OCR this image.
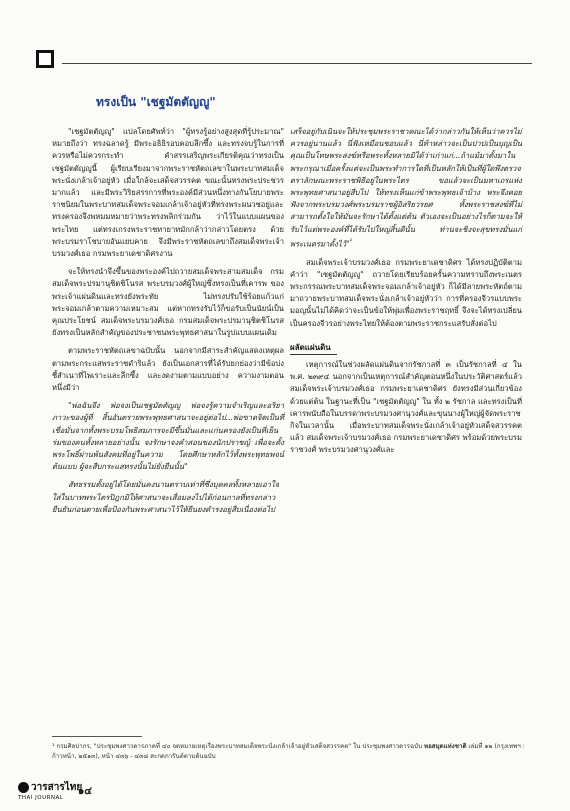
ทรงเป็น "เชฐมัตตัญญู"

"เชฐมัตตัญญู" แปลโดยศัพท์ว่า "ผู้ทรงรู้อย่างสูงสุดที่รู้ประมาณ" หมายถึงว่า ทรงฉลาดรู้ มีพระอธิธิรอบคอบลึกซึ้ง และทรงจบรู้ในการที่ควรหรือไม่ควรกระทำ คำสรรเสริญพระเกียรติคุณว่าทรงเป็นเชฐมัตตัญญูนี้ ผู้เรียบเรียงมาจากพระราชหัตถเลขาในพระบาทสมเด็จพระนั่งเกล้าเจ้าอยู่หัว เมื่อใกล้จะเสด็จสวรรคต ขณะนั้นทรงพระประชวรมากแล้ว และมีพระวิริยสรรการที่พระองค์มีส่วนหนึ่งทางกันโยบายพระราชนิยมในพระบาทสมเด็จพระจอมเกล้าเจ้าอยู่หัวที่ทรงพระผนวชอยู่และทรงครองจึงพหมมหมายว่าพระทรงพลิกร่วมกัน ว่าไว้ในแบบแผนของพระไทย แต่ทรงเกรงพระราชทายาทมักกล้าว่ากล่าวโดยตรง ด้วยพระบรมราโชบายอันแยบคาย จึงมีพระราชหัตถเลขาถึงสมเด็จพระเจ้าบรมวงศ์เธอ กรมพระยาเดชาดิศรงาน

จะให้ทรงนำจึงขึ้นของพระองค์ไปถวายสมเด็จพระสามสมเด็จ กรมสมเด็จพระปรมานุชิตชิโนรส พระบรมวงศ์ผู้ใหญ่ซึ่งทรงเป็นที่เคารพ ของพระเจ้าแผ่นดินและทรงยังพระทัย ไม่ทรงปรับใช้ร้อยแก้วแก่พระจอมเกล้าตามความเหมาะสม แต่หากทรงรับไว้ก็ขอรับเป็นนัยน์เป็นคุณประโยชน์ สมเด็จพระบรมวงศ์เธอ กรมสมเด็จพระปรมานุชิตชิโนรส ยังทรงเป็นหลักสำคัญของประชาชนพระพุทธศาสนาในรูปแบบแผนเดิม

ตามพระราชหัตถเลขาฉบับนั้น นอกจากมีสาระสำคัญแสดงเหตุผลตามพระกระแสพระราชดำริแล้ว ยังเป็นเอกสารที่ได้รับยกย่องว่ามีข้อบ่งชี้สำเนาที่ไพเราะและลึกซึ้ง และงดงามตามแบบอย่าง ความงามตอนหนึ่งมีว่า

"พ่อฉันจึง พ่อจงเป็นเชฐมัตตัญญู พ่อจงรู้ความจำเริญและอริยาภาวะของผู้ที่ สิ้นอันตรายพระพุทธศาสนาจะอยู่ต่อไป...พ่อขาดจิตเป็นที่เชื่อมั่นจากทั้งพระบรมโพธิสมภารจะมีขึ้นมั่นและแก่นครองยังเป็นที่เย็นร่มของคนทั้งหลายอย่างนั้น จงรักษาจงคำสอนของนักปราชญ์ เพื่อจะตั้งพระโพธิ์ผ่านพ้นสังคมที่อยู่ในความ โดยศึกษาหลักไว้ทั้งพระพุทธพจน์ต้นแบบ ผู้จะสืบกระแสทรงนั้นไม่ยั่งยืนนั้น"

สัทธรรมตั้งอยู่ได้โดยมั่นคงนานตราบเท่าที่ซึ่งบุคคลทั้งหลายเอาใจใส่ในบาทพระไตรปิฎกมิให้ศาสนาจะเสื่อมลงไปได้ก่อนกาลที่ทรงกล่าวยืนยันก่อนตายเพื่อป้องกันพระศาสนาไว้ให้ยืนยงดำรงอยู่สืบเนื่องต่อไป

เสร็จอยู่กับเนินจะให้ประชุมพระราชาคณะได้ว่ากล่าวกันให้เห็นว่าควรไม่ควรอยู่นานแล้ว นี่ฟังเหมือนชอบแล้ว นี่ท้าหล่าวจะเป็นปาปเป็นบุญเป็นคุณเป็นโทษพระสงฆ์หรือพระทั้งหลายมิได้ว่าเก่าแก่...ถ้าแม้มาตั้งมาในพระกรุณาเมื่อครั้งแต่จะเป็นพระทำการใดที่เป็นหลักให้เป็นที่ผู้ใดพึงตรวจตราลักษณะพระราชพิธีอยู่ในพระไตร ขอแล้วจะเป็นมหาเถรแห่งพระพุทธศาสนาอยู่สืบไป ให้ทรงเห็นแก่ข้าพระพุทธเจ้าบ้าง พระจึงคอยฟังจากพระบรมวงศ์พระบรมราชผู้อิสริยวรยศ ทั้งพระราชสงฆ์ที่ไม่สามารถตั้งใจให้มั่นจะรักษาได้ตั้งแต่ต้น ตัวเองจะเป็นอย่างไรก็ตามจะให้รับไว้แด่พระองค์ที่ได้รับไปใหญ่สิ้นดีนั้น ท่านจะชิงจะสุขทรงมั่นแก่พระเนตรมาตั้งไว้"$^{^1}$

สมเด็จพระเจ้าบรมวงศ์เธอ กรมพระยาเดชาดิศร ได้ทรงปฏิบัติตามคำว่า "เชฐมัตตัญญู" ถวายโดยเรียบร้อยครั้นความทราบถึงพระเนตรพระกรรณพระบาทสมเด็จพระจอมเกล้าเจ้าอยู่หัว ก็ได้มีลายพระหัตถ์ตามมาถวายพระบาทสมเด็จพระนั่งเกล้าเจ้าอยู่หัวว่า การที่ครองจีวรแบบพระมอญนั้นไม่ได้คิดว่าจะเป็นข้อให้พุ่มเพื่องพระราชฤทธิ์ จึงจะได้ทรงเปลี่ยนเป็นครองจีวรอย่างพระไทยให้ต้องตามพระราชกระแสรับสั่งต่อไป

ผลัดแผ่นดิน

เหตุการณ์ในช่วงผลัดแผ่นดินจากรัชกาลที่ ๓ เป็นรัชกาลที่ ๔ ใน พ.ศ. ๒๓๙๔ นอกจากเป็นเหตุการณ์สำคัญตอนหนึ่งในประวัติศาสตร์แล้ว สมเด็จพระเจ้าบรมวงศ์เธอ กรมพระยาเดชาดิศร ยังทรงมีส่วนเกี่ยวข้องด้วยแต่ต้น ในฐานะที่เป็น "เชฐมัตตัญญู" ใน ทั้ง ๒ รัชกาล และทรงเป็นที่เคารพนับถือในบรรดาพระบรมวงศานุวงศ์และขุนนางผู้ใหญ่ผู้จัดพระราชกิจในเวลานั้น เมื่อพระบาทสมเด็จพระนั่งเกล้าเจ้าอยู่หัวเสด็จสวรรคตแล้ว สมเด็จพระเจ้าบรมวงศ์เธอ กรมพระยาเดชาดิศร พร้อมด้วยพระบรมราชวงศ์ พระบรมวงศานุวงศ์และ

¹ กรมศิลปากร, "ประชุมพงศาวดารภาคที่ ๔๐ จดหมายเหตุเรื่องพระบาทสมเด็จพระนั่งเกล้าเจ้าอยู่หัวเสด็จสวรรคต" ใน ประชุมพงศาวดารฉบับ หอสมุดแห่งชาติ เล่มที่ ๑๒ (กรุงเทพฯ : ก้าวหน้า, ๒๕๑๓), หน้า ๔๓๖ - ๔๓๘ สะกดการันต์ตามต้นฉบับ
วารสารไทย
THAI JOURNAL
๑๔
